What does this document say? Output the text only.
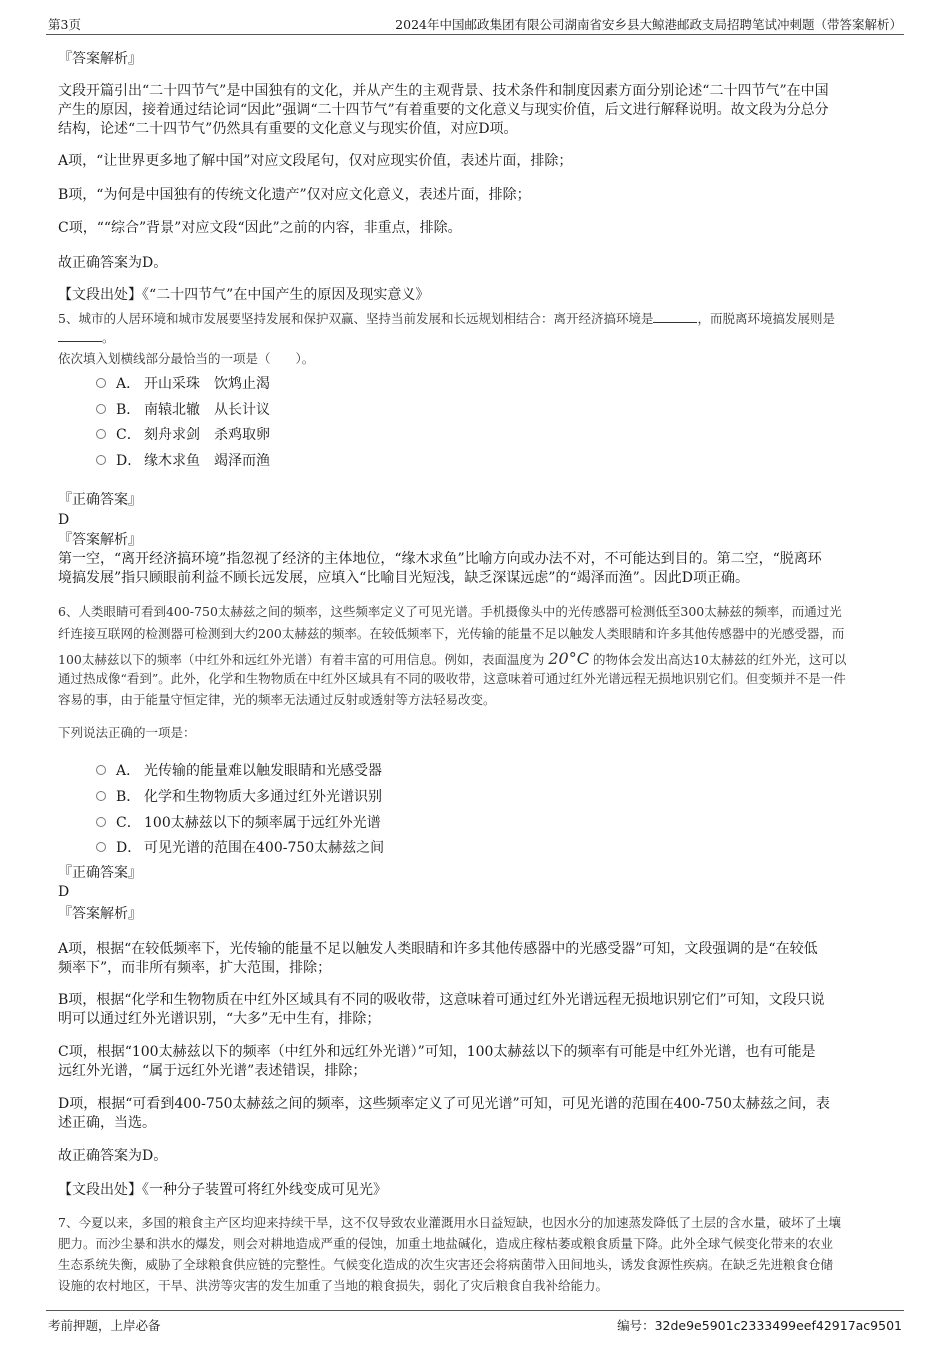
第3页	2024年中国邮政集团有限公司湖南省安乡县大鲸港邮政支局招聘笔试冲刺题（带答案解析）
『答案解析』
文段开篇引出“二十四节气”是中国独有的文化，并从产生的主观背景、技术条件和制度因素方面分别论述“二十四节气”在中国
产生的原因，接着通过结论词“因此”强调“二十四节气”有着重要的文化意义与现实价值，后文进行解释说明。故文段为分总分
结构，论述“二十四节气”仍然具有重要的文化意义与现实价值，对应D项。
A项，“让世界更多地了解中国”对应文段尾句，仅对应现实价值，表述片面，排除；
B项，“为何是中国独有的传统文化遗产”仅对应文化意义，表述片面，排除；
C项，““综合”背景”对应文段“因此”之前的内容，非重点，排除。
故正确答案为D。
【文段出处】《“二十四节气”在中国产生的原因及现实意义》
5、城市的人居环境和城市发展要坚持发展和保护双赢、坚持当前发展和长远规划相结合：离开经济搞环境是	，而脱离环境搞发展则是
。
依次填入划横线部分最恰当的一项是（　　）。
A． 开山采珠　饮鸩止渴
B． 南辕北辙　从长计议
C． 刻舟求剑　杀鸡取卵
D． 缘木求鱼　竭泽而渔
『正确答案』
D
『答案解析』
第一空，“离开经济搞环境”指忽视了经济的主体地位，“缘木求鱼”比喻方向或办法不对，不可能达到目的。第二空，“脱离环
境搞发展”指只顾眼前利益不顾长远发展，应填入“比喻目光短浅，缺乏深谋远虑”的“竭泽而渔”。因此D项正确。
6、人类眼睛可看到400-750太赫兹之间的频率，这些频率定义了可见光谱。手机摄像头中的光传感器可检测低至300太赫兹的频率，而通过光
纤连接互联网的检测器可检测到大约200太赫兹的频率。在较低频率下，光传输的能量不足以触发人类眼睛和许多其他传感器中的光感受器，而
100太赫兹以下的频率（中红外和远红外光谱）有着丰富的可用信息。例如，表面温度为 20°C 的物体会发出高达10太赫兹的红外光，这可以
通过热成像“看到”。此外，化学和生物物质在中红外区域具有不同的吸收带，这意味着可通过红外光谱远程无损地识别它们。但变频并不是一件
容易的事，由于能量守恒定律，光的频率无法通过反射或透射等方法轻易改变。
下列说法正确的一项是：
A． 光传输的能量难以触发眼睛和光感受器
B． 化学和生物物质大多通过红外光谱识别
C． 100太赫兹以下的频率属于远红外光谱
D． 可见光谱的范围在400-750太赫兹之间
『正确答案』
D
『答案解析』
A项，根据“在较低频率下，光传输的能量不足以触发人类眼睛和许多其他传感器中的光感受器”可知，文段强调的是“在较低
频率下”，而非所有频率，扩大范围，排除；
B项，根据“化学和生物物质在中红外区域具有不同的吸收带，这意味着可通过红外光谱远程无损地识别它们”可知，文段只说
明可以通过红外光谱识别，“大多”无中生有，排除；
C项，根据“100太赫兹以下的频率（中红外和远红外光谱）”可知，100太赫兹以下的频率有可能是中红外光谱，也有可能是
远红外光谱，“属于远红外光谱”表述错误，排除；
D项，根据“可看到400-750太赫兹之间的频率，这些频率定义了可见光谱”可知，可见光谱的范围在400-750太赫兹之间，表
述正确，当选。
故正确答案为D。
【文段出处】《一种分子装置可将红外线变成可见光》
7、今夏以来，多国的粮食主产区均迎来持续干旱，这不仅导致农业灌溉用水日益短缺，也因水分的加速蒸发降低了土层的含水量，破坏了土壤
肥力。而沙尘暴和洪水的爆发，则会对耕地造成严重的侵蚀，加重土地盐碱化，造成庄稼枯萎或粮食质量下降。此外全球气候变化带来的农业
生态系统失衡，威胁了全球粮食供应链的完整性。气候变化造成的次生灾害还会将病菌带入田间地头，诱发食源性疾病。在缺乏先进粮食仓储
设施的农村地区，干旱、洪涝等灾害的发生加重了当地的粮食损失，弱化了灾后粮食自我补给能力。
考前押题，上岸必备	编号：32de9e5901c2333499eef42917ac9501
